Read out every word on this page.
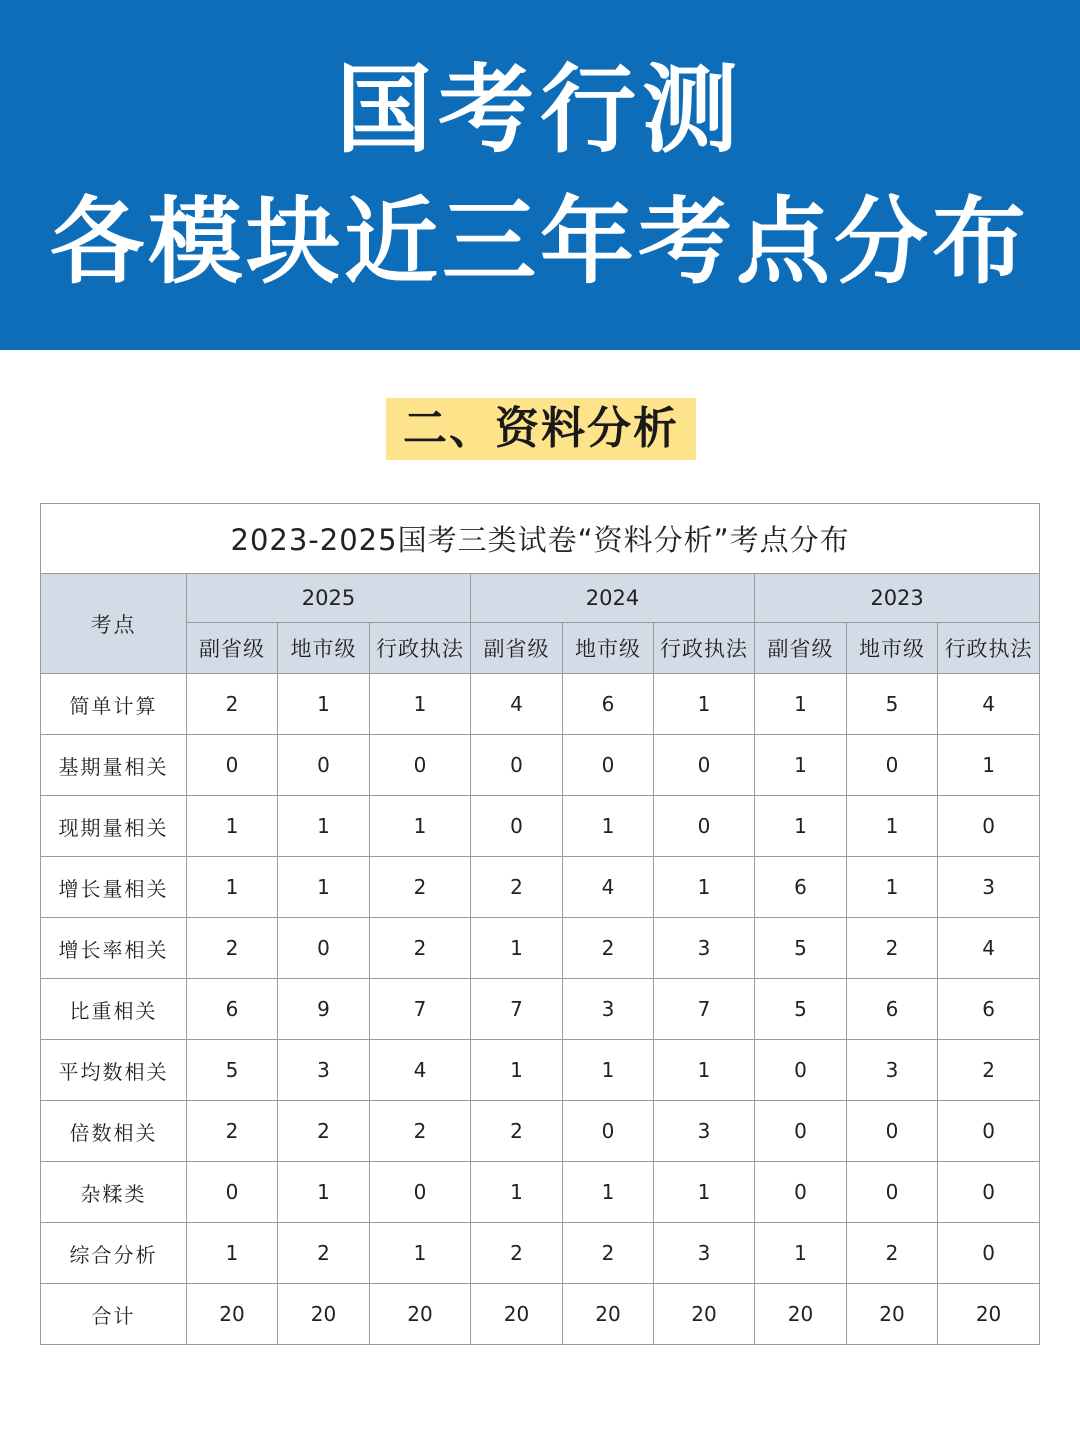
国考行测
各模块近三年考点分布
二、资料分析
2023-2025国考三类试卷“资料分析”考点分布									
考点	2025			2024			2023		
	副省级	地市级	行政执法	副省级	地市级	行政执法	副省级	地市级	行政执法
简单计算	2	1	1	4	6	1	1	5	4
基期量相关	0	0	0	0	0	0	1	0	1
现期量相关	1	1	1	0	1	0	1	1	0
增长量相关	1	1	2	2	4	1	6	1	3
增长率相关	2	0	2	1	2	3	5	2	4
比重相关	6	9	7	7	3	7	5	6	6
平均数相关	5	3	4	1	1	1	0	3	2
倍数相关	2	2	2	2	0	3	0	0	0
杂糅类	0	1	0	1	1	1	0	0	0
综合分析	1	2	1	2	2	3	1	2	0
合计	20	20	20	20	20	20	20	20	20
